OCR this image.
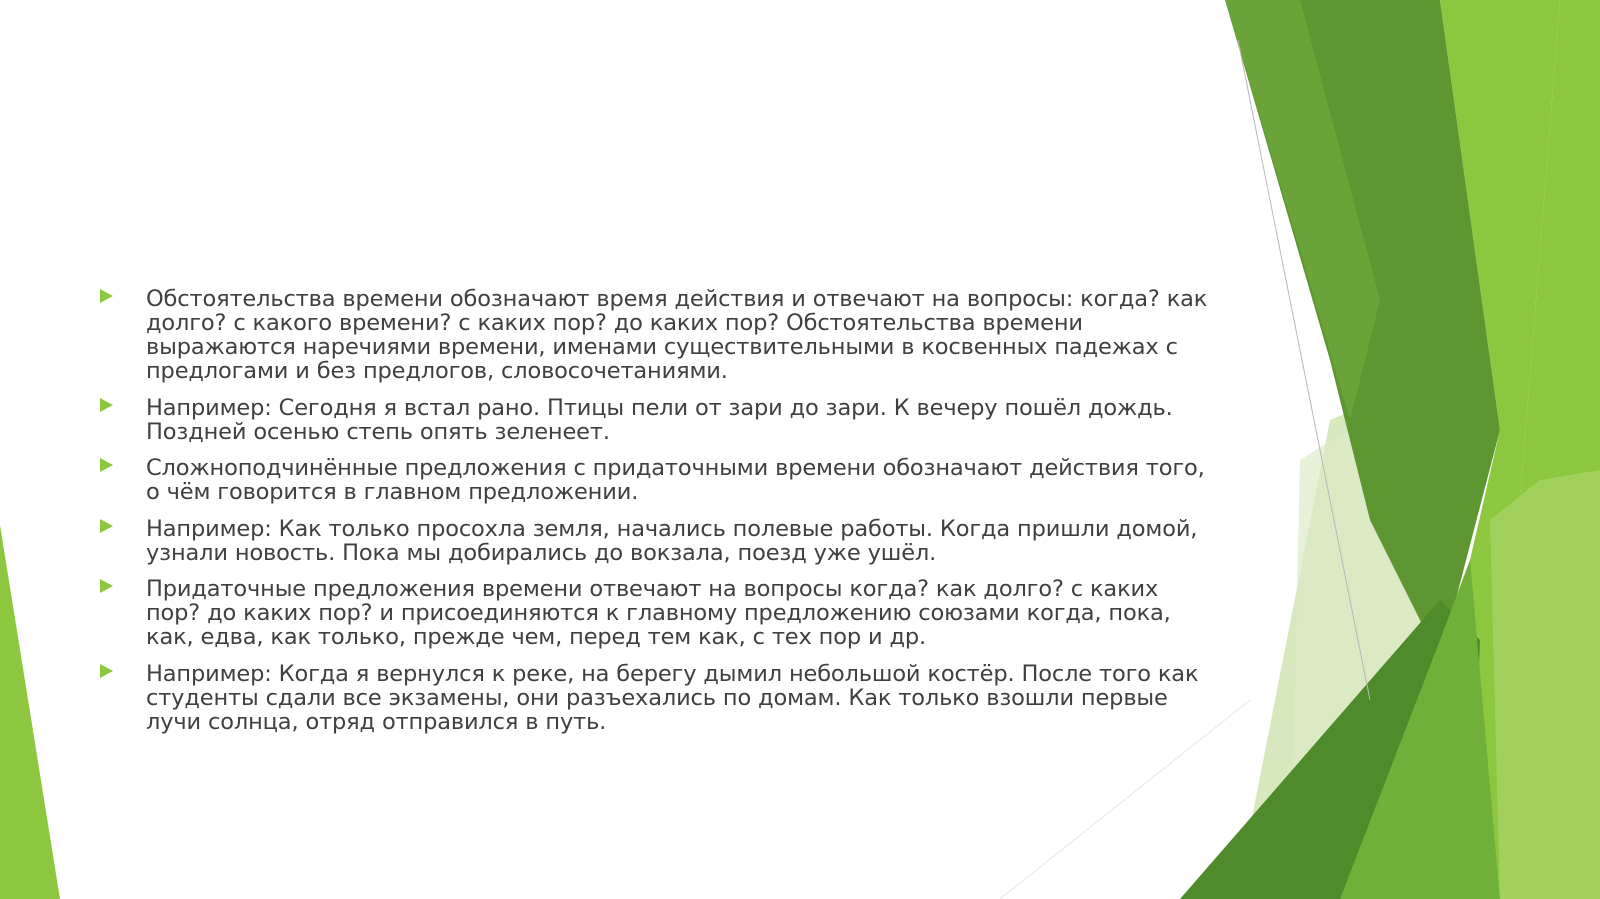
Обстоятельства времени обозначают время действия и отвечают на вопросы: когда? как долго? с какого времени? с каких пор? до каких пор? Обстоятельства времени выражаются наречиями времени, именами существительными в косвенных падежах с предлогами и без предлогов, словосочетаниями.
Например: Сегодня я встал рано. Птицы пели от зари до зари. К вечеру пошёл дождь. Поздней осенью степь опять зеленеет.
Сложноподчинённые предложения с придаточными времени обозначают действия того, о чём говорится в главном предложении.
Например: Как только просохла земля, начались полевые работы. Когда пришли домой, узнали новость. Пока мы добирались до вокзала, поезд уже ушёл.
Придаточные предложения времени отвечают на вопросы когда? как долго? с каких пор? до каких пор? и присоединяются к главному предложению союзами когда, пока, как, едва, как только, прежде чем, перед тем как, с тех пор и др.
Например: Когда я вернулся к реке, на берегу дымил небольшой костёр. После того как студенты сдали все экзамены, они разъехались по домам. Как только взошли первые лучи солнца, отряд отправился в путь.
